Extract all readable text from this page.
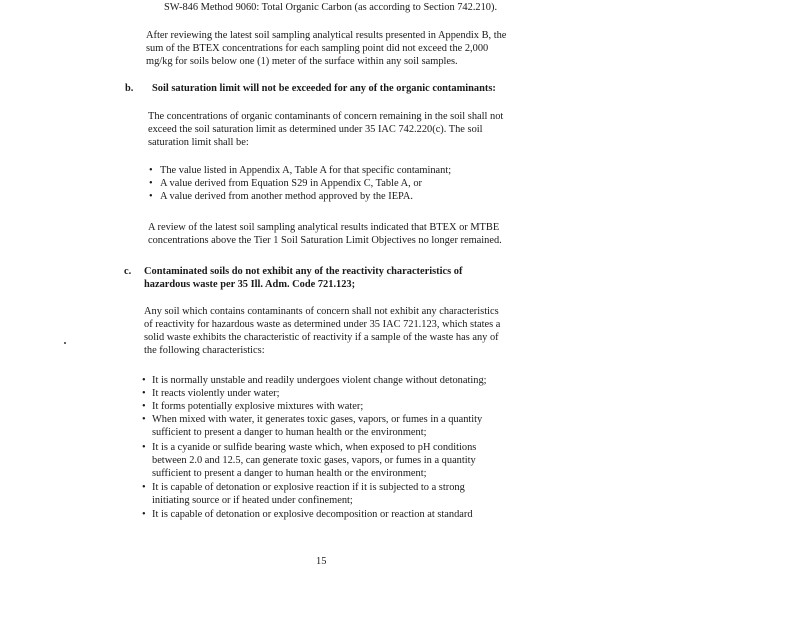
SW-846 Method 9060: Total Organic Carbon (as according to Section 742.210).
After reviewing the latest soil sampling analytical results presented in Appendix B, the
sum of the BTEX concentrations for each sampling point did not exceed the 2,000
mg/kg for soils below one (1) meter of the surface within any soil samples.
b. Soil saturation limit will not be exceeded for any of the organic contaminants:
The concentrations of organic contaminants of concern remaining in the soil shall not
exceed the soil saturation limit as determined under 35 IAC 742.220(c). The soil
saturation limit shall be:
• The value listed in Appendix A, Table A for that specific contaminant;
• A value derived from Equation S29 in Appendix C, Table A, or
• A value derived from another method approved by the IEPA.
A review of the latest soil sampling analytical results indicated that BTEX or MTBE
concentrations above the Tier 1 Soil Saturation Limit Objectives no longer remained.
c. Contaminated soils do not exhibit any of the reactivity characteristics of
hazardous waste per 35 Ill. Adm. Code 721.123;
Any soil which contains contaminants of concern shall not exhibit any characteristics
of reactivity for hazardous waste as determined under 35 IAC 721.123, which states a
solid waste exhibits the characteristic of reactivity if a sample of the waste has any of
the following characteristics:
• It is normally unstable and readily undergoes violent change without detonating;
• It reacts violently under water;
• It forms potentially explosive mixtures with water;
• When mixed with water, it generates toxic gases, vapors, or fumes in a quantity
sufficient to present a danger to human health or the environment;
• It is a cyanide or sulfide bearing waste which, when exposed to pH conditions
between 2.0 and 12.5, can generate toxic gases, vapors, or fumes in a quantity
sufficient to present a danger to human health or the environment;
• It is capable of detonation or explosive reaction if it is subjected to a strong
initiating source or if heated under confinement;
• It is capable of detonation or explosive decomposition or reaction at standard
15
